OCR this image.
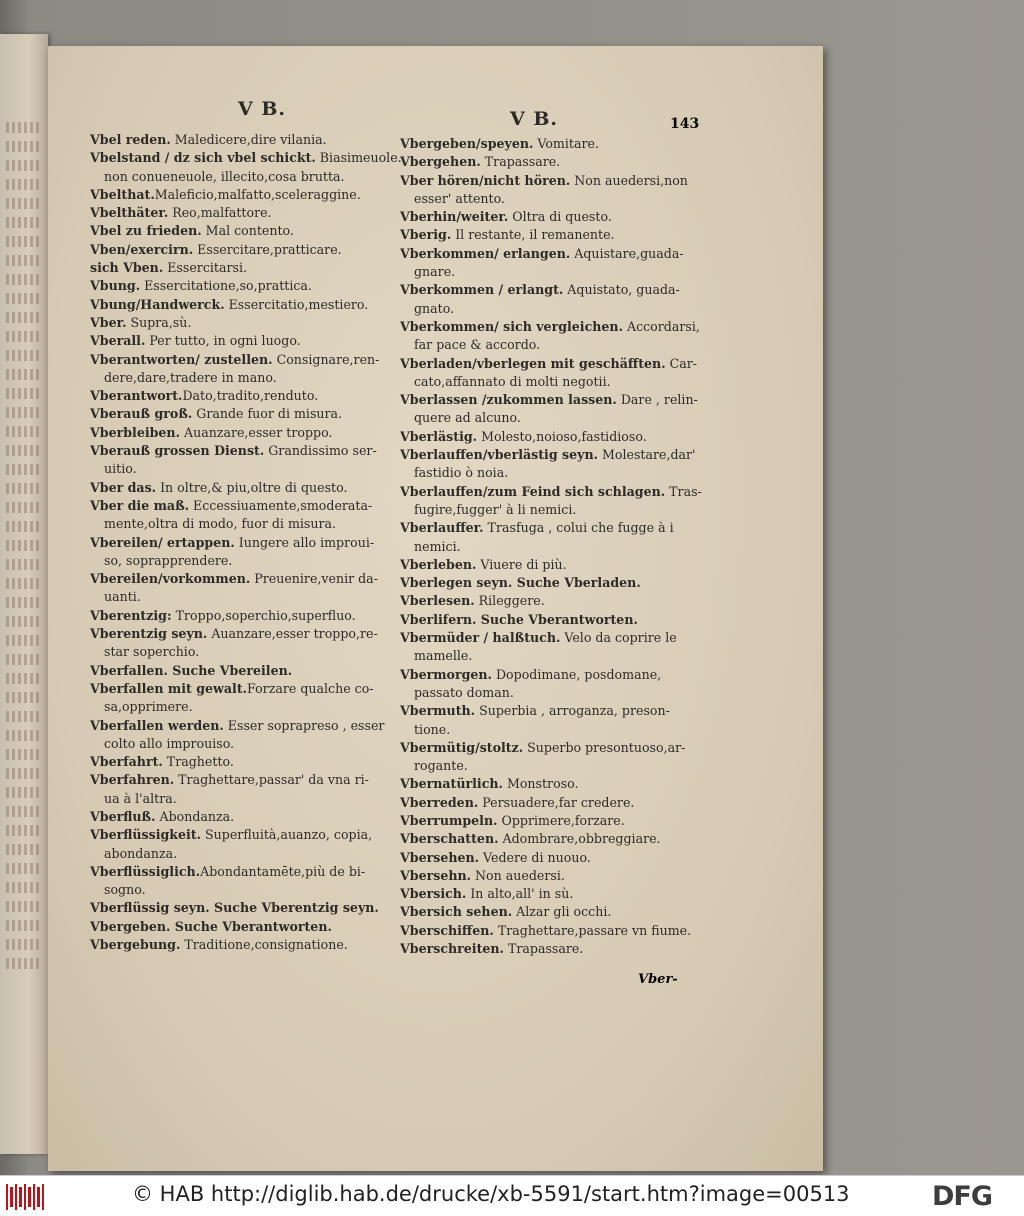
V B.
Vbel reden. Maledicere,dire vilania.
Vbelstand / dz sich vbel schickt. Biasimeuole.
non conueneuole, illecito,cosa brutta.
Vbelthat.Maleficio,malfatto,sceleraggine.
Vbelthäter. Reo,malfattore.
Vbel zu frieden. Mal contento.
Vben/exercirn. Essercitare,pratticare.
sich Vben. Essercitarsi.
Vbung. Essercitatione,so,prattica.
Vbung/Handwerck. Essercitatio,mestiero.
Vber. Supra,sù.
Vberall. Per tutto, in ogni luogo.
Vberantworten/ zustellen. Consignare,ren-
dere,dare,tradere in mano.
Vberantwort.Dato,tradito,renduto.
Vberauß groß. Grande fuor di misura.
Vberbleiben. Auanzare,esser troppo.
Vberauß grossen Dienst. Grandissimo ser-
uitio.
Vber das. In oltre,& piu,oltre di questo.
Vber die maß. Eccessiuamente,smoderata-
mente,oltra di modo, fuor di misura.
Vbereilen/ ertappen. Iungere allo improui-
so, soprapprendere.
Vbereilen/vorkommen. Preuenire,venir da-
uanti.
Vberentzig: Troppo,soperchio,superfluo.
Vberentzig seyn. Auanzare,esser troppo,re-
star soperchio.
Vberfallen. Suche Vbereilen.
Vberfallen mit gewalt.Forzare qualche co-
sa,opprimere.
Vberfallen werden. Esser soprapreso , esser
colto allo improuiso.
Vberfahrt. Traghetto.
Vberfahren. Traghettare,passar' da vna ri-
ua à l'altra.
Vberfluß. Abondanza.
Vberflüssigkeit. Superfluità,auanzo, copia,
abondanza.
Vberflüssiglich.Abondantamēte,più de bi-
sogno.
Vberflüssig seyn. Suche Vberentzig seyn.
Vbergeben. Suche Vberantworten.
Vbergebung. Traditione,consignatione.
V B.
Vbergeben/speyen. Vomitare.
Vbergehen. Trapassare.
Vber hören/nicht hören. Non auedersi,non
esser' attento.
Vberhin/weiter. Oltra di questo.
Vberig. Il restante, il remanente.
Vberkommen/ erlangen. Aquistare,guada-
gnare.
Vberkommen / erlangt. Aquistato, guada-
gnato.
Vberkommen/ sich vergleichen. Accordarsi,
far pace & accordo.
Vberladen/vberlegen mit geschäfften. Car-
cato,affannato di molti negotii.
Vberlassen /zukommen lassen. Dare , relin-
quere ad alcuno.
Vberlästig. Molesto,noioso,fastidioso.
Vberlauffen/vberlästig seyn. Molestare,dar'
fastidio ò noia.
Vberlauffen/zum Feind sich schlagen. Tras-
fugire,fugger' à li nemici.
Vberlauffer. Trasfuga , colui che fugge à i
nemici.
Vberleben. Viuere di più.
Vberlegen seyn. Suche Vberladen.
Vberlesen. Rileggere.
Vberlifern. Suche Vberantworten.
Vbermüder / halßtuch. Velo da coprire le
mamelle.
Vbermorgen. Dopodimane, posdomane,
passato doman.
Vbermuth. Superbia , arroganza, preson-
tione.
Vbermütig/stoltz. Superbo presontuoso,ar-
rogante.
Vbernatürlich. Monstroso.
Vberreden. Persuadere,far credere.
Vberrumpeln. Opprimere,forzare.
Vberschatten. Adombrare,obbreggiare.
Vbersehen. Vedere di nuouo.
Vbersehn. Non auedersi.
Vbersich. In alto,all' in sù.
Vbersich sehen. Alzar gli occhi.
Vberschiffen. Traghettare,passare vn fiume.
Vberschreiten. Trapassare.
143
Vber-
© HAB http://diglib.hab.de/drucke/xb-5591/start.htm?image=00513	DFG
